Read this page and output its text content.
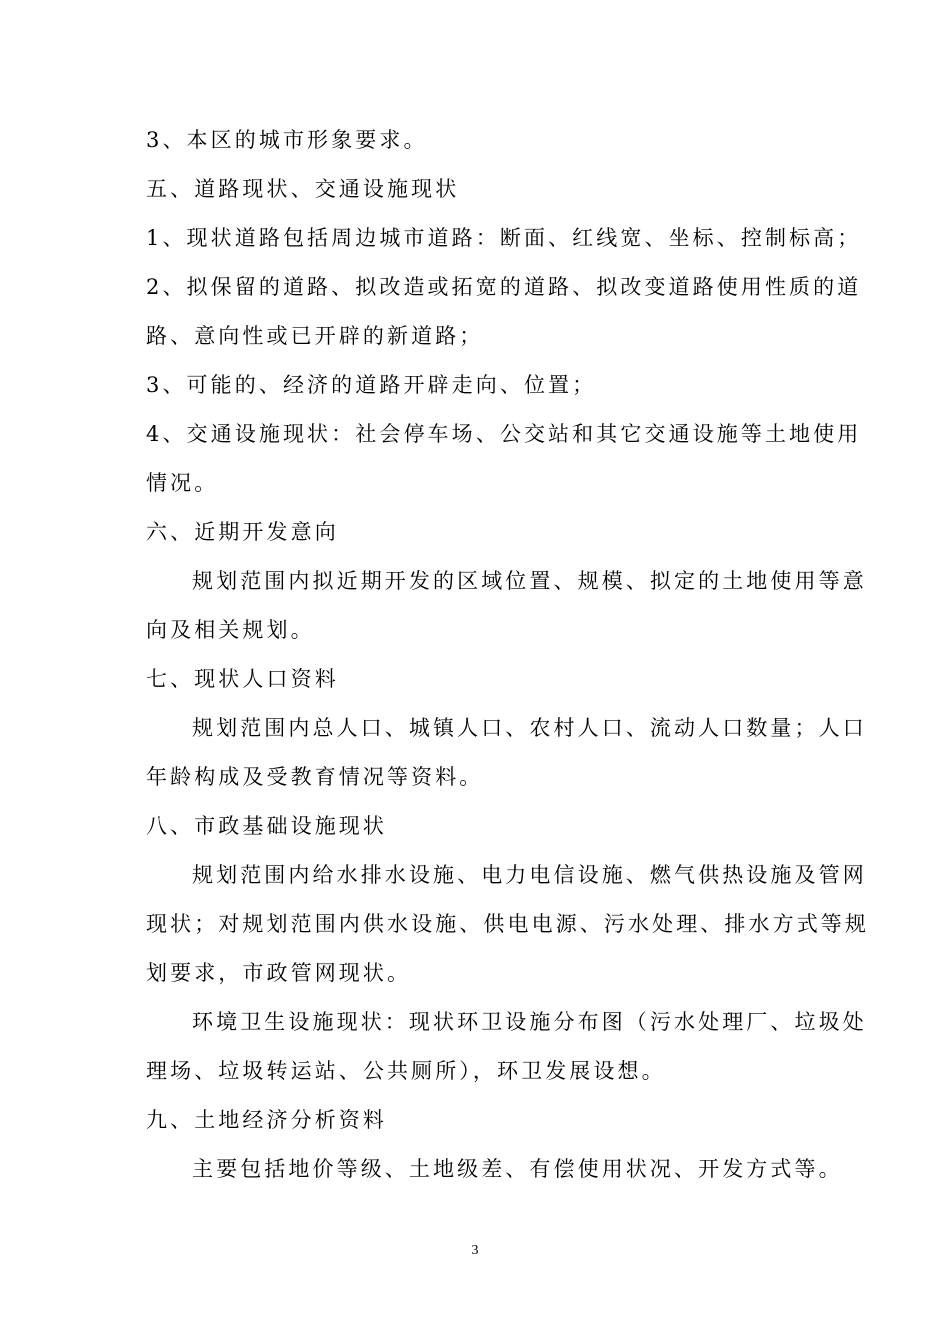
3、本区的城市形象要求。
五、道路现状、交通设施现状
1、现状道路包括周边城市道路：断面、红线宽、坐标、控制标高；
2、拟保留的道路、拟改造或拓宽的道路、拟改变道路使用性质的道
路、意向性或已开辟的新道路；
3、可能的、经济的道路开辟走向、位置；
4、交通设施现状：社会停车场、公交站和其它交通设施等土地使用
情况。
六、近期开发意向
规划范围内拟近期开发的区域位置、规模、拟定的土地使用等意
向及相关规划。
七、现状人口资料
规划范围内总人口、城镇人口、农村人口、流动人口数量；人口
年龄构成及受教育情况等资料。
八、市政基础设施现状
规划范围内给水排水设施、电力电信设施、燃气供热设施及管网
现状；对规划范围内供水设施、供电电源、污水处理、排水方式等规
划要求，市政管网现状。
环境卫生设施现状：现状环卫设施分布图（污水处理厂、垃圾处
理场、垃圾转运站、公共厕所），环卫发展设想。
九、土地经济分析资料
主要包括地价等级、土地级差、有偿使用状况、开发方式等。
3
